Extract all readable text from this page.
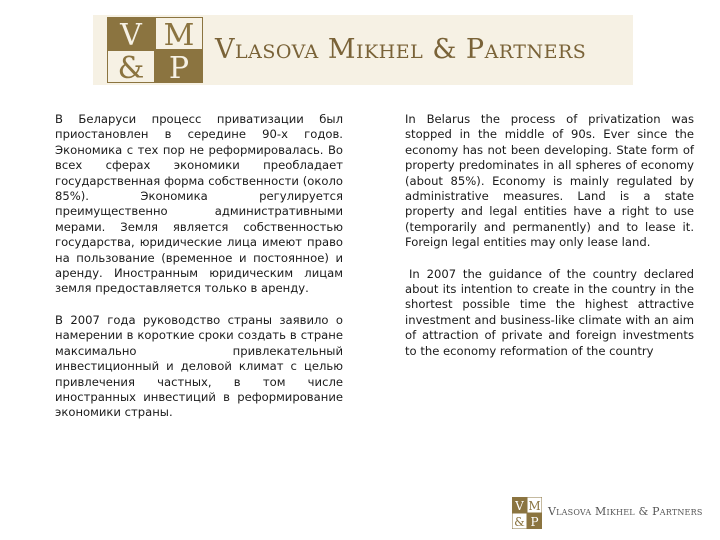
V M
& P
Vlasova Mikhel & Partners

В Беларуси процесс приватизации был приостановлен в середине 90-х годов. Экономика с тех пор не реформировалась. Во всех сферах экономики преобладает государственная форма собственности (около 85%). Экономика регулируется преимущественно административными мерами. Земля является собственностью государства, юридические лица имеют право на пользование (временное и постоянное) и аренду. Иностранным юридическим лицам земля предоставляется только в аренду.

В 2007 года руководство страны заявило о намерении в короткие сроки создать в стране максимально привлекательный инвестиционный и деловой климат с целью привлечения частных, в том числе иностранных инвестиций в реформирование экономики страны.

In Belarus the process of privatization was stopped in the middle of 90s. Ever since the economy has not been developing. State form of property predominates in all spheres of economy (about 85%). Economy is mainly regulated by administrative measures. Land is a state property and legal entities have a right to use (temporarily and permanently) and to lease it. Foreign legal entities may only lease land.

In 2007 the guidance of the country declared about its intention to create in the country in the shortest possible time the highest attractive investment and business-like climate with an aim of attraction of private and foreign investments to the economy reformation of the country

V M
& P
Vlasova Mikhel & Partners
